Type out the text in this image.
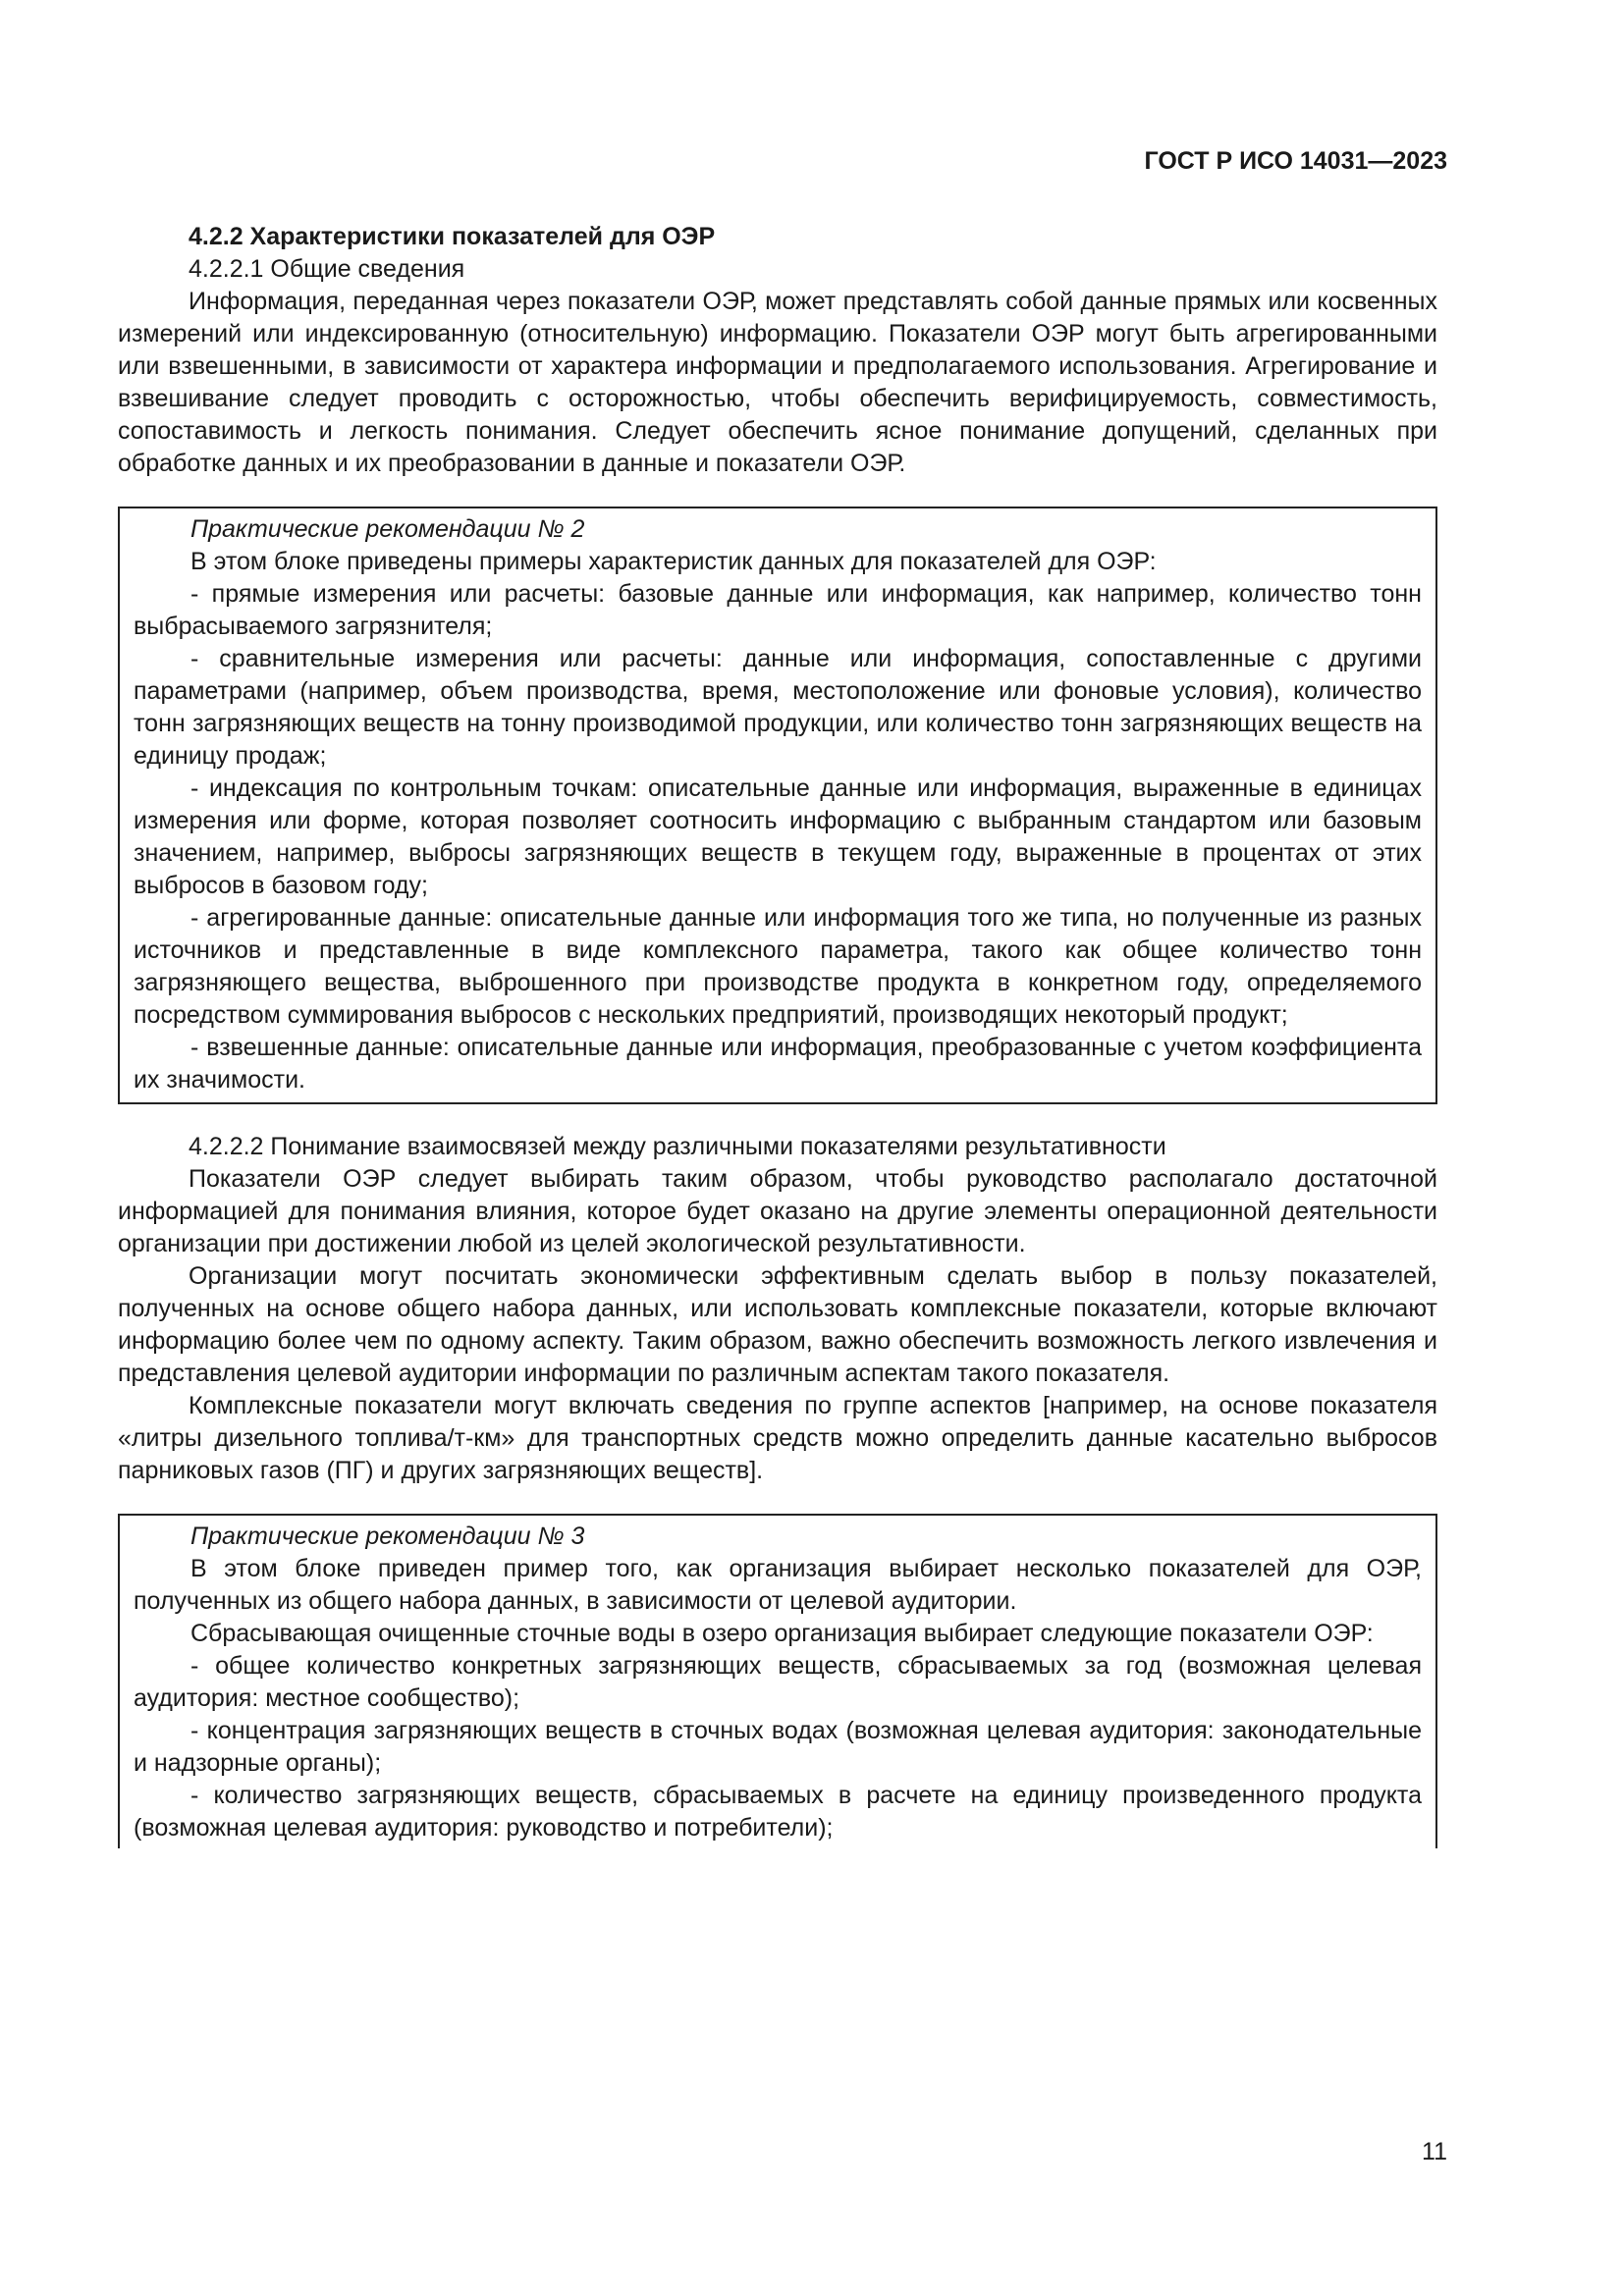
ГОСТ Р ИСО 14031—2023

4.2.2 Характеристики показателей для ОЭР

4.2.2.1 Общие сведения

Информация, переданная через показатели ОЭР, может представлять собой данные прямых или косвенных измерений или индексированную (относительную) информацию. Показатели ОЭР могут быть агрегированными или взвешенными, в зависимости от характера информации и предполагаемого использования. Агрегирование и взвешивание следует проводить с осторожностью, чтобы обеспечить верифицируемость, совместимость, сопоставимость и легкость понимания. Следует обеспечить ясное понимание допущений, сделанных при обработке данных и их преобразовании в данные и показатели ОЭР.

Практические рекомендации № 2

В этом блоке приведены примеры характеристик данных для показателей для ОЭР:

- прямые измерения или расчеты: базовые данные или информация, как например, количество тонн выбрасываемого загрязнителя;

- сравнительные измерения или расчеты: данные или информация, сопоставленные с другими параметрами (например, объем производства, время, местоположение или фоновые условия), количество тонн загрязняющих веществ на тонну производимой продукции, или количество тонн загрязняющих веществ на единицу продаж;

- индексация по контрольным точкам: описательные данные или информация, выраженные в единицах измерения или форме, которая позволяет соотносить информацию с выбранным стандартом или базовым значением, например, выбросы загрязняющих веществ в текущем году, выраженные в процентах от этих выбросов в базовом году;

- агрегированные данные: описательные данные или информация того же типа, но полученные из разных источников и представленные в виде комплексного параметра, такого как общее количество тонн загрязняющего вещества, выброшенного при производстве продукта в конкретном году, определяемого посредством суммирования выбросов с нескольких предприятий, производящих некоторый продукт;

- взвешенные данные: описательные данные или информация, преобразованные с учетом коэффициента их значимости.

4.2.2.2 Понимание взаимосвязей между различными показателями результативности

Показатели ОЭР следует выбирать таким образом, чтобы руководство располагало достаточной информацией для понимания влияния, которое будет оказано на другие элементы операционной деятельности организации при достижении любой из целей экологической результативности.

Организации могут посчитать экономически эффективным сделать выбор в пользу показателей, полученных на основе общего набора данных, или использовать комплексные показатели, которые включают информацию более чем по одному аспекту. Таким образом, важно обеспечить возможность легкого извлечения и представления целевой аудитории информации по различным аспектам такого показателя.

Комплексные показатели могут включать сведения по группе аспектов [например, на основе показателя «литры дизельного топлива/т-км» для транспортных средств можно определить данные касательно выбросов парниковых газов (ПГ) и других загрязняющих веществ].

Практические рекомендации № 3

В этом блоке приведен пример того, как организация выбирает несколько показателей для ОЭР, полученных из общего набора данных, в зависимости от целевой аудитории.

Сбрасывающая очищенные сточные воды в озеро организация выбирает следующие показатели ОЭР:

- общее количество конкретных загрязняющих веществ, сбрасываемых за год (возможная целевая аудитория: местное сообщество);

- концентрация загрязняющих веществ в сточных водах (возможная целевая аудитория: законодательные и надзорные органы);

- количество загрязняющих веществ, сбрасываемых в расчете на единицу произведенного продукта (возможная целевая аудитория: руководство и потребители);

11
